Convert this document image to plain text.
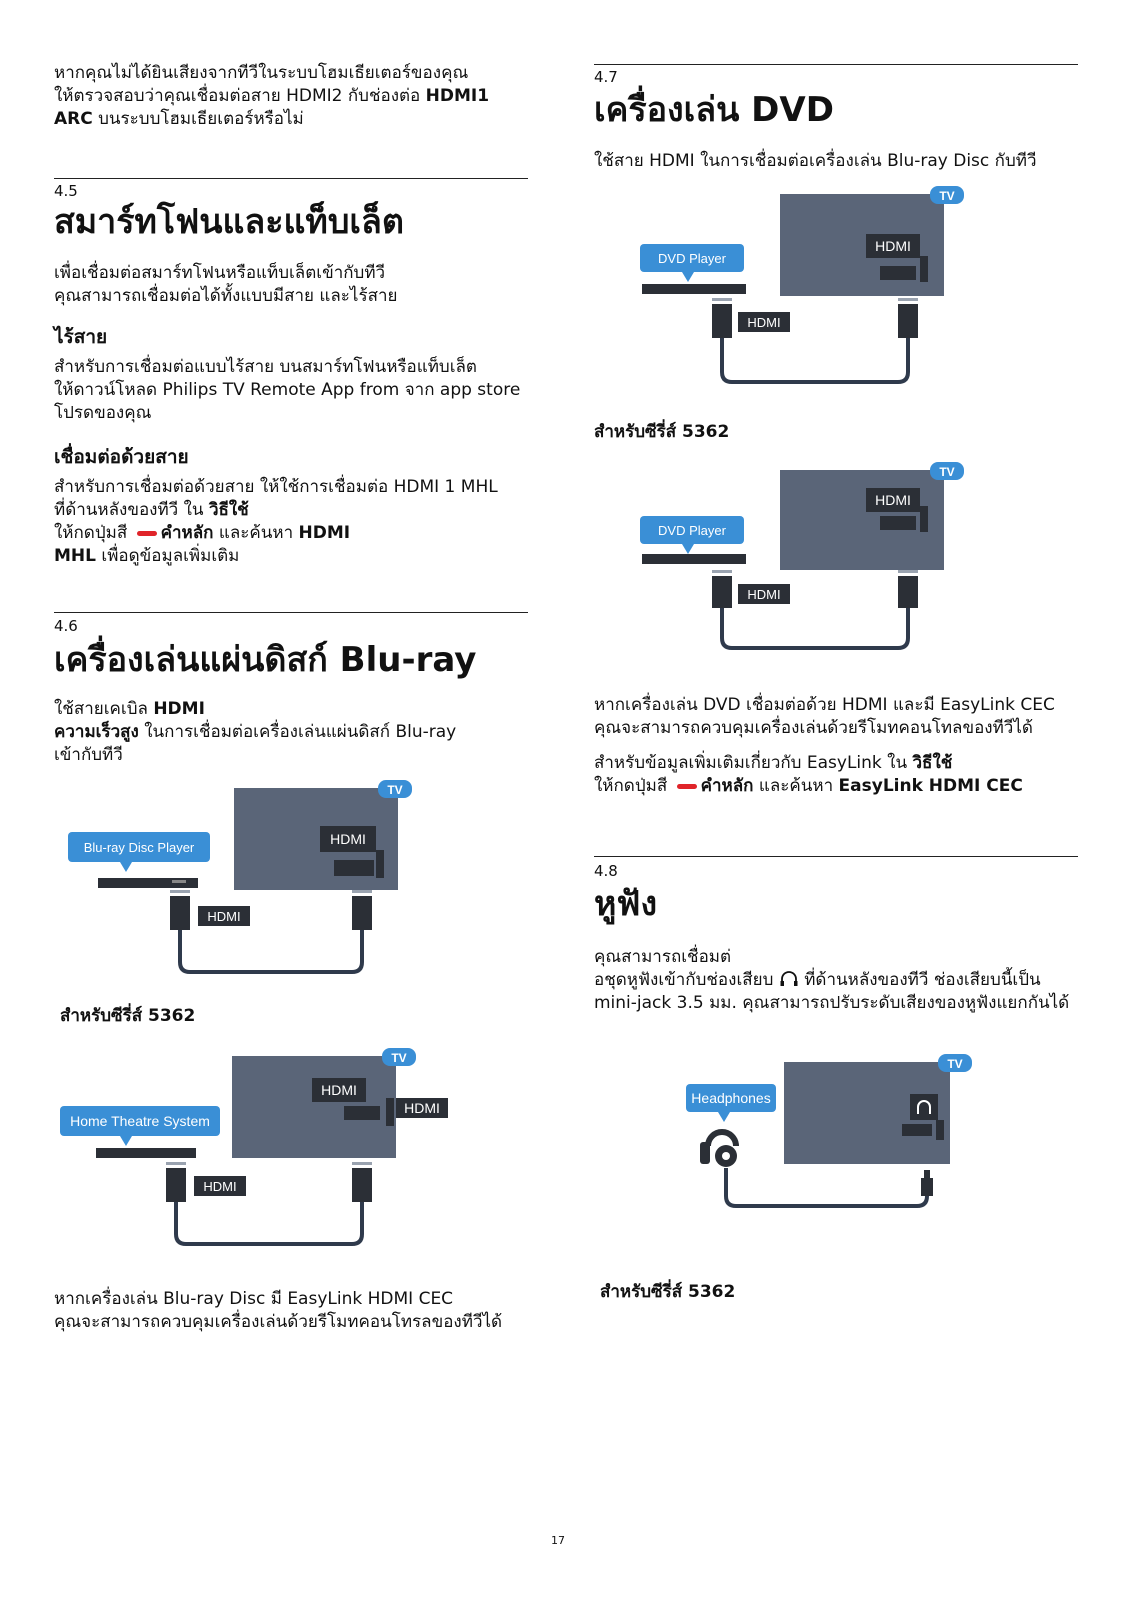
หากคุณไม่ได้ยินเสียงจากทีวีในระบบโฮมเธียเตอร์ของคุณ
ให้ตรวจสอบว่าคุณเชื่อมต่อสาย HDMI2 กับช่องต่อ HDMI1
ARC บนระบบโฮมเธียเตอร์หรือไม่

4.5
สมาร์ทโฟนและแท็บเล็ต

เพื่อเชื่อมต่อสมาร์ทโฟนหรือแท็บเล็ตเข้ากับทีวี
คุณสามารถเชื่อมต่อได้ทั้งแบบมีสาย และไร้สาย

ไร้สาย

สำหรับการเชื่อมต่อแบบไร้สาย บนสมาร์ทโฟนหรือแท็บเล็ต
ให้ดาวน์โหลด Philips TV Remote App from จาก app store
โปรดของคุณ

เชื่อมต่อด้วยสาย

สำหรับการเชื่อมต่อด้วยสาย ให้ใช้การเชื่อมต่อ HDMI 1 MHL
ที่ด้านหลังของทีวี ใน วิธีใช้
ให้กดปุ่มสี คำหลัก และค้นหา HDMI
MHL เพื่อดูข้อมูลเพิ่มเติม

4.6
เครื่องเล่นแผ่นดิสก์ Blu-ray

ใช้สายเคเบิล HDMI
ความเร็วสูง ในการเชื่อมต่อเครื่องเล่นแผ่นดิสก์ Blu-ray
เข้ากับทีวี

TV
HDMI
Blu-ray Disc Player
HDMI
สำหรับซีรี่ส์ 5362
TV
HDMI
HDMI
Home Theatre System
HDMI

หากเครื่องเล่น Blu-ray Disc มี EasyLink HDMI CEC
คุณจะสามารถควบคุมเครื่องเล่นด้วยรีโมทคอนโทรลของทีวีได้

4.7
เครื่องเล่น DVD

ใช้สาย HDMI ในการเชื่อมต่อเครื่องเล่น Blu-ray Disc กับทีวี

TV
HDMI
DVD Player
HDMI
สำหรับซีรี่ส์ 5362
TV
HDMI
DVD Player
HDMI

หากเครื่องเล่น DVD เชื่อมต่อด้วย HDMI และมี EasyLink CEC
คุณจะสามารถควบคุมเครื่องเล่นด้วยรีโมทคอนโทลของทีวีได้

สำหรับข้อมูลเพิ่มเติมเกี่ยวกับ EasyLink ใน วิธีใช้
ให้กดปุ่มสี คำหลัก และค้นหา EasyLink HDMI CEC

4.8
หูฟัง

คุณสามารถเชื่อมต่
อชุดหูฟังเข้ากับช่องเสียบ  ที่ด้านหลังของทีวี ช่องเสียบนี้เป็น
mini-jack 3.5 มม. คุณสามารถปรับระดับเสียงของหูฟังแยกกันได้

TV
Headphones
สำหรับซีรี่ส์ 5362
17
